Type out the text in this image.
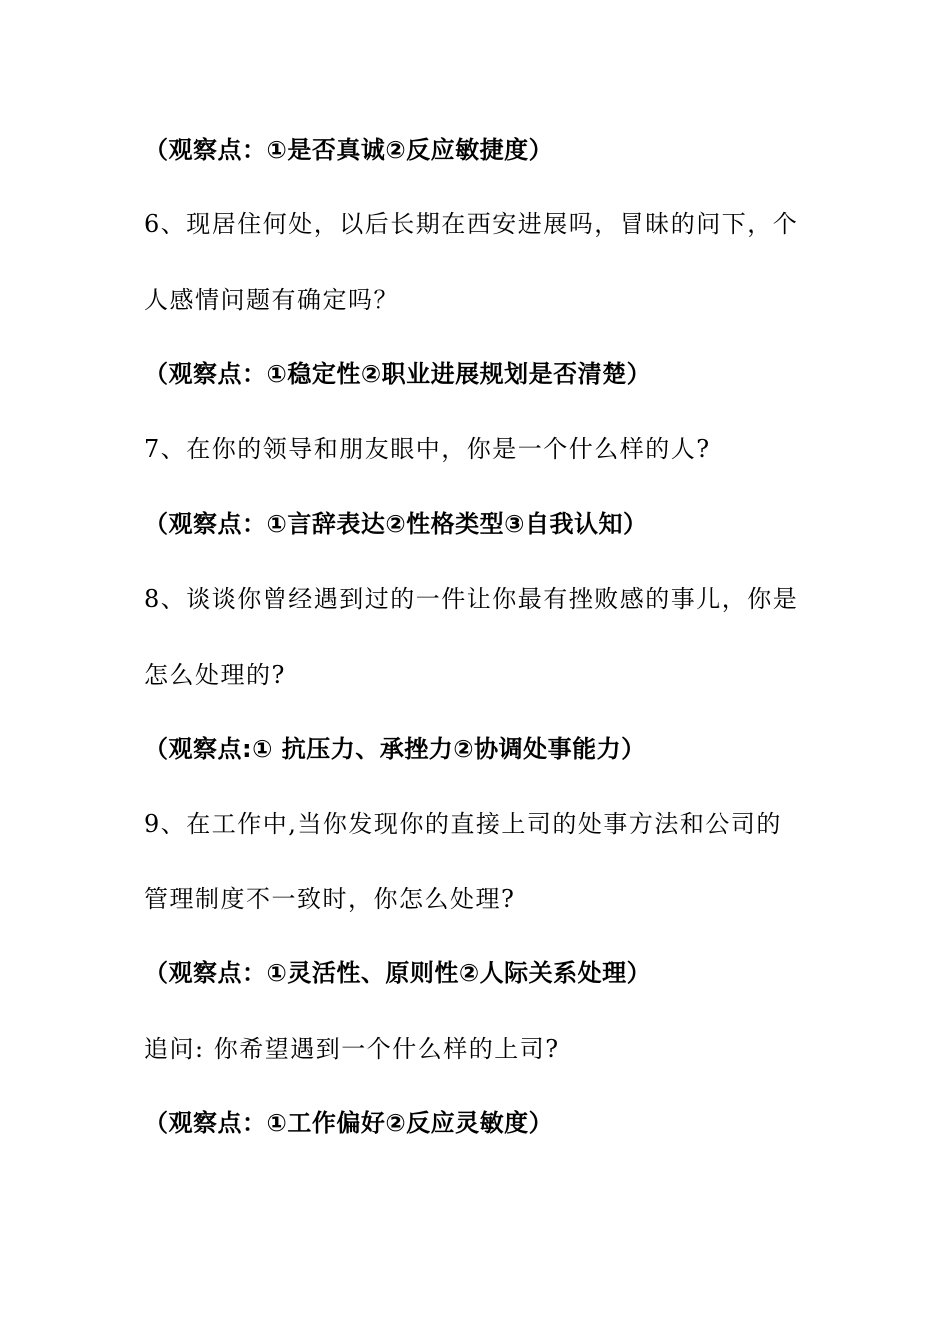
（观察点：①是否真诚②反应敏捷度）
6、现居住何处，以后长期在西安进展吗，冒昧的问下，个
人感情问题有确定吗？
（观察点：①稳定性②职业进展规划是否清楚）
7、在你的领导和朋友眼中，你是一个什么样的人?
（观察点：①言辞表达②性格类型③自我认知）
8、谈谈你曾经遇到过的一件让你最有挫败感的事儿，你是
怎么处理的?
（观察点:① 抗压力、承挫力②协调处事能力）
9、在工作中,当你发现你的直接上司的处事方法和公司的
管理制度不一致时，你怎么处理?
（观察点：①灵活性、原则性②人际关系处理）
追问: 你希望遇到一个什么样的上司?
（观察点：①工作偏好②反应灵敏度）
